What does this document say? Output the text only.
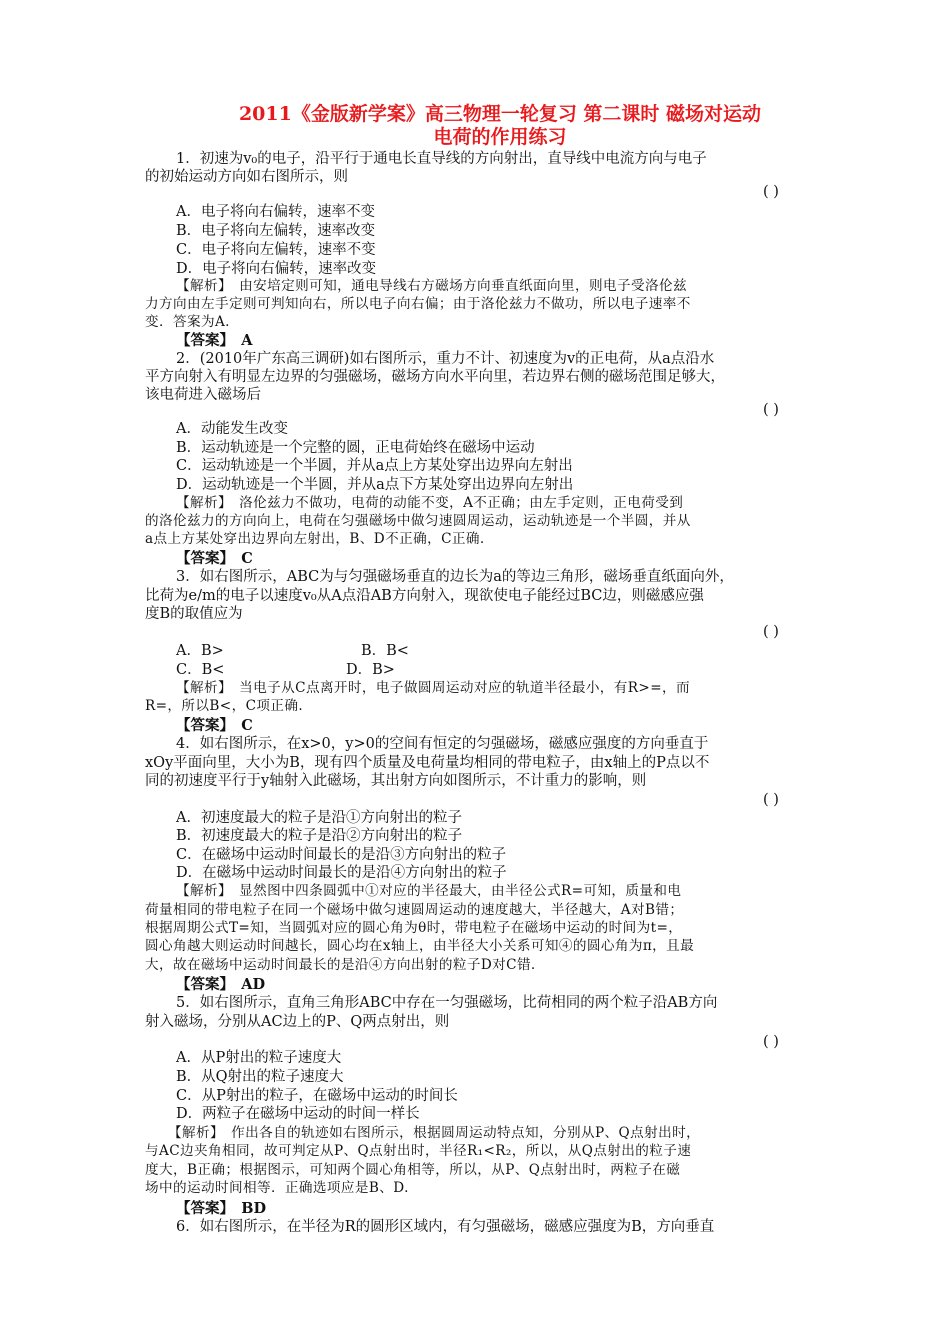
2011《金版新学案》高三物理一轮复习 第二课时 磁场对运动
电荷的作用练习
( )
( )
( )
( )
( )

1．初速为v₀的电子，沿平行于通电长直导线的方向射出，直导线中电流方向与电子

的初始运动方向如右图所示，则

A．电子将向右偏转，速率不变

B．电子将向左偏转，速率改变

C．电子将向左偏转，速率不变

D．电子将向右偏转，速率改变

【解析】　由安培定则可知，通电导线右方磁场方向垂直纸面向里，则电子受洛伦兹

力方向由左手定则可判知向右，所以电子向右偏；由于洛伦兹力不做功，所以电子速率不

变．答案为A.

【答案】　A

2．(2010年广东高三调研)如右图所示，重力不计、初速度为v的正电荷，从a点沿水

平方向射入有明显左边界的匀强磁场，磁场方向水平向里，若边界右侧的磁场范围足够大，

该电荷进入磁场后

A．动能发生改变

B．运动轨迹是一个完整的圆，正电荷始终在磁场中运动

C．运动轨迹是一个半圆，并从a点上方某处穿出边界向左射出

D．运动轨迹是一个半圆，并从a点下方某处穿出边界向左射出

【解析】　洛伦兹力不做功，电荷的动能不变，A不正确；由左手定则，正电荷受到

的洛伦兹力的方向向上，电荷在匀强磁场中做匀速圆周运动，运动轨迹是一个半圆，并从

a点上方某处穿出边界向左射出，B、D不正确，C正确.

【答案】　C

3．如右图所示，ABC为与匀强磁场垂直的边长为a的等边三角形，磁场垂直纸面向外，

比荷为e/m的电子以速度v₀从A点沿AB方向射入，现欲使电子能经过BC边，则磁感应强

度B的取值应为

A．B>	B．B<

C．B<	D．B>

【解析】　当电子从C点离开时，电子做圆周运动对应的轨道半径最小，有R>=，而

R=，所以B<，C项正确.

【答案】　C

4．如右图所示，在x>0，y>0的空间有恒定的匀强磁场，磁感应强度的方向垂直于

xOy平面向里，大小为B，现有四个质量及电荷量均相同的带电粒子，由x轴上的P点以不

同的初速度平行于y轴射入此磁场，其出射方向如图所示，不计重力的影响，则

A．初速度最大的粒子是沿①方向射出的粒子

B．初速度最大的粒子是沿②方向射出的粒子

C．在磁场中运动时间最长的是沿③方向射出的粒子

D．在磁场中运动时间最长的是沿④方向射出的粒子

【解析】　显然图中四条圆弧中①对应的半径最大，由半径公式R=可知，质量和电

荷量相同的带电粒子在同一个磁场中做匀速圆周运动的速度越大，半径越大，A对B错；

根据周期公式T=知，当圆弧对应的圆心角为θ时，带电粒子在磁场中运动的时间为t=，

圆心角越大则运动时间越长，圆心均在x轴上，由半径大小关系可知④的圆心角为π，且最

大，故在磁场中运动时间最长的是沿④方向出射的粒子D对C错.

【答案】　AD

5．如右图所示，直角三角形ABC中存在一匀强磁场，比荷相同的两个粒子沿AB方向

射入磁场，分别从AC边上的P、Q两点射出，则

A．从P射出的粒子速度大

B．从Q射出的粒子速度大

C．从P射出的粒子，在磁场中运动的时间长

D．两粒子在磁场中运动的时间一样长

【解析】　作出各自的轨迹如右图所示，根据圆周运动特点知，分别从P、Q点射出时，

与AC边夹角相同，故可判定从P、Q点射出时，半径R₁<R₂，所以，从Q点射出的粒子速

度大，B正确；根据图示，可知两个圆心角相等，所以，从P、Q点射出时，两粒子在磁

场中的运动时间相等．正确选项应是B、D.

【答案】　BD

6．如右图所示，在半径为R的圆形区域内，有匀强磁场，磁感应强度为B，方向垂直
